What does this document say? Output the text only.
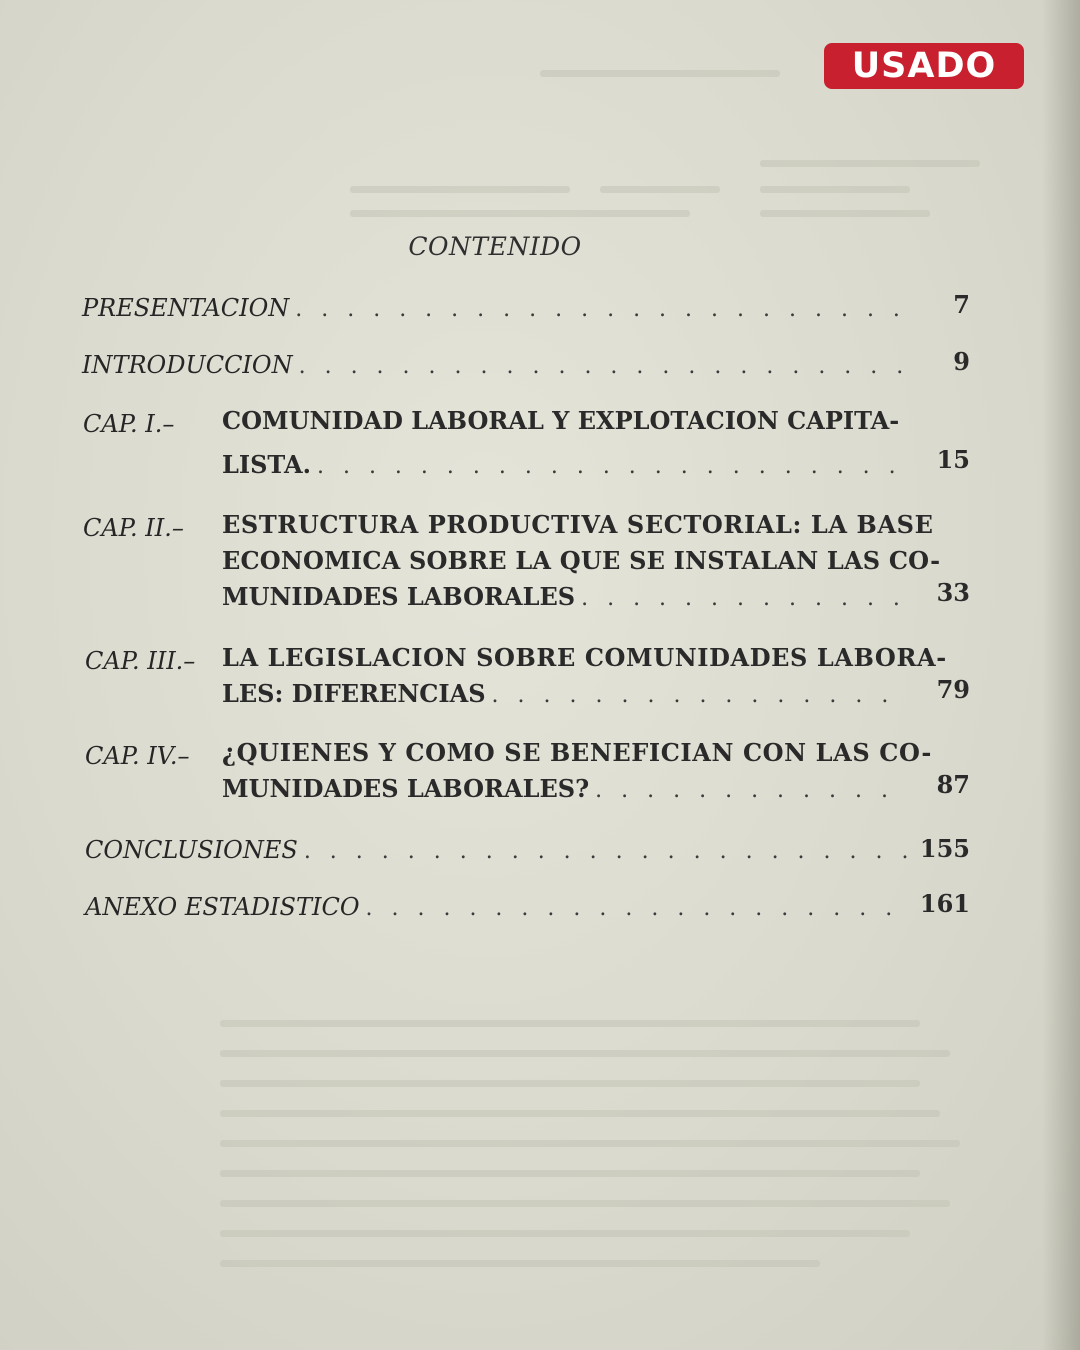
USADO
CONTENIDO
PRESENTACION . . .	7
INTRODUCCION . . .	9
CAP. I.– COMUNIDAD LABORAL Y EXPLOTACION CAPITA-
LISTA. . . .	15
CAP. II.– ESTRUCTURA PRODUCTIVA SECTORIAL: LA BASE
ECONOMICA SOBRE LA QUE SE INSTALAN LAS CO-
MUNIDADES LABORALES . . .	33
CAP. III.– LA LEGISLACION SOBRE COMUNIDADES LABORA-
LES: DIFERENCIAS . . .	79
CAP. IV.– ¿QUIENES Y COMO SE BENEFICIAN CON LAS CO-
MUNIDADES LABORALES? . . .	87
CONCLUSIONES . . .	155
ANEXO ESTADISTICO . . .	161
